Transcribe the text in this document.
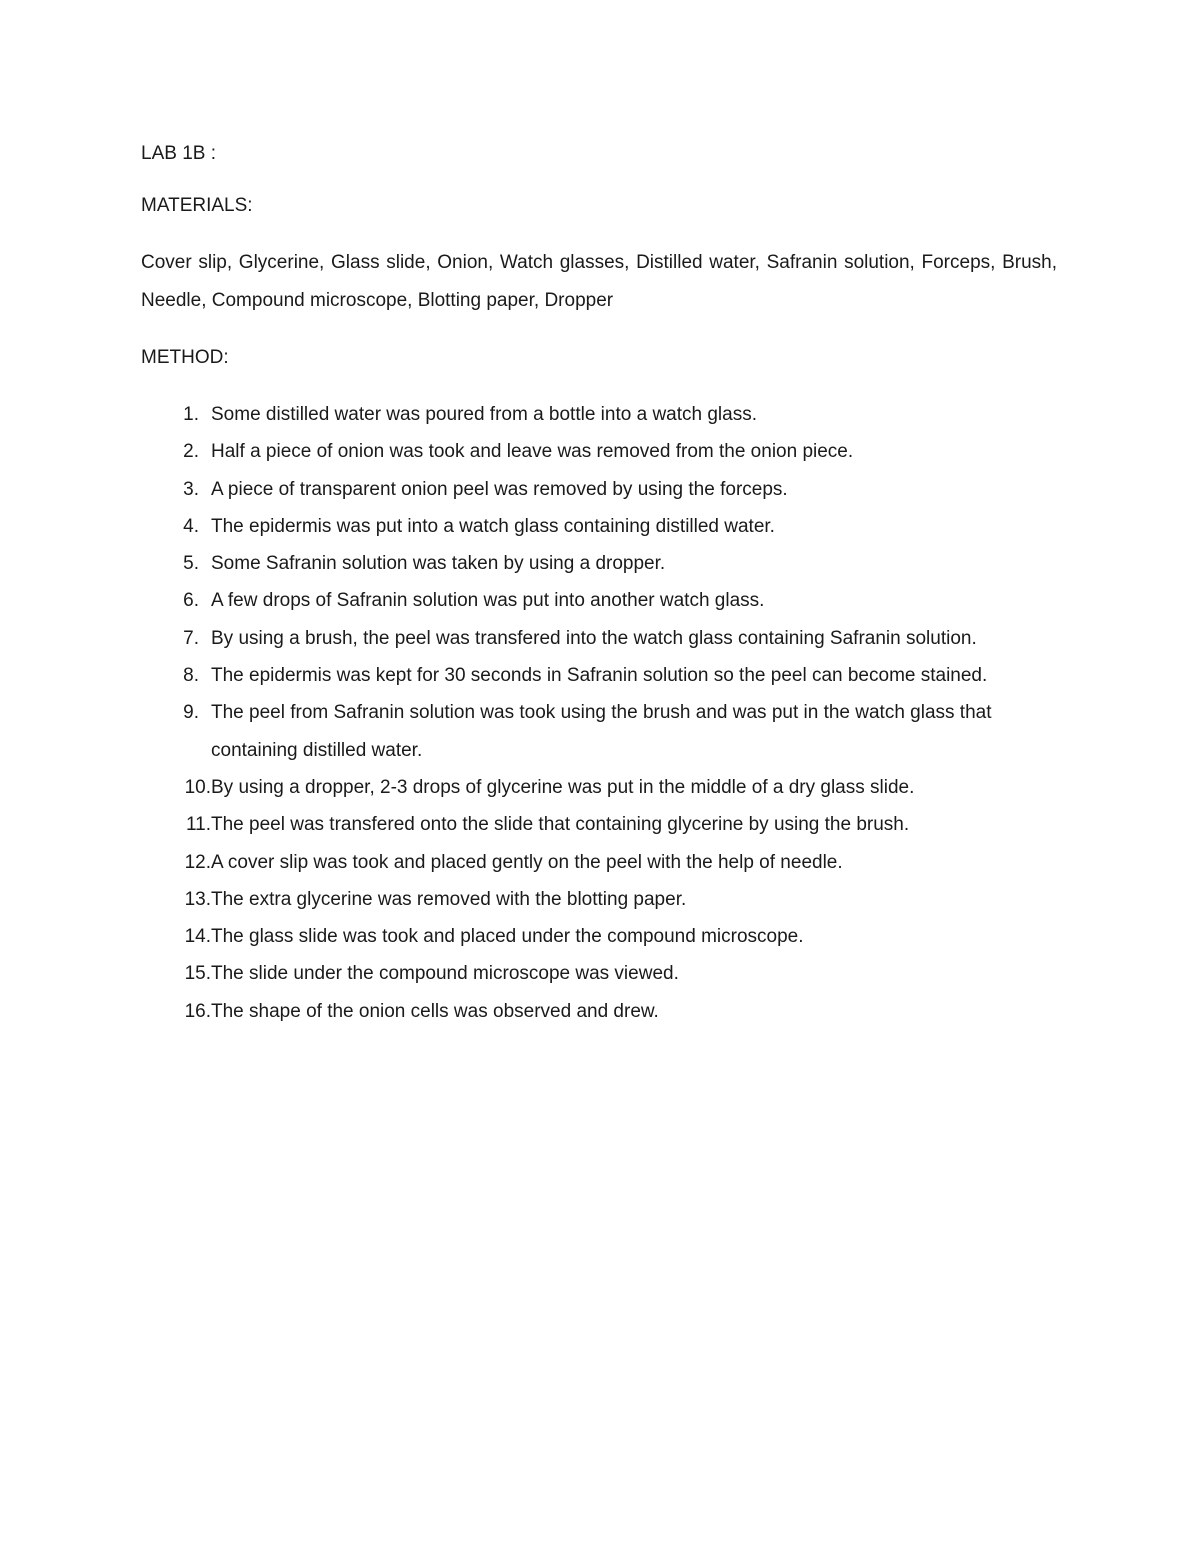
LAB 1B :

MATERIALS:

Cover slip, Glycerine, Glass slide, Onion, Watch glasses, Distilled water, Safranin solution, Forceps, Brush, Needle, Compound microscope, Blotting paper, Dropper

METHOD:

1. Some distilled water was poured from a bottle into a watch glass.
2. Half a piece of onion was took and leave was removed from the onion piece.
3. A piece of transparent onion peel was removed by using the forceps.
4. The epidermis was put into a watch glass containing distilled water.
5. Some Safranin solution was taken by using a dropper.
6. A few drops of Safranin solution was put into another watch glass.
7. By using a brush, the peel was transfered into the watch glass containing Safranin solution.
8. The epidermis was kept for 30 seconds in Safranin solution so the peel can become stained.
9. The peel from Safranin solution was took using the brush and was put in the watch glass that containing distilled water.
10. By using a dropper, 2-3 drops of glycerine was put in the middle of a dry glass slide.
11. The peel was transfered onto the slide that containing glycerine by using the brush.
12. A cover slip was took and placed gently on the peel with the help of needle.
13. The extra glycerine was removed with the blotting paper.
14. The glass slide was took and placed under the compound microscope.
15. The slide under the compound microscope was viewed.
16. The shape of the onion cells was observed and drew.
